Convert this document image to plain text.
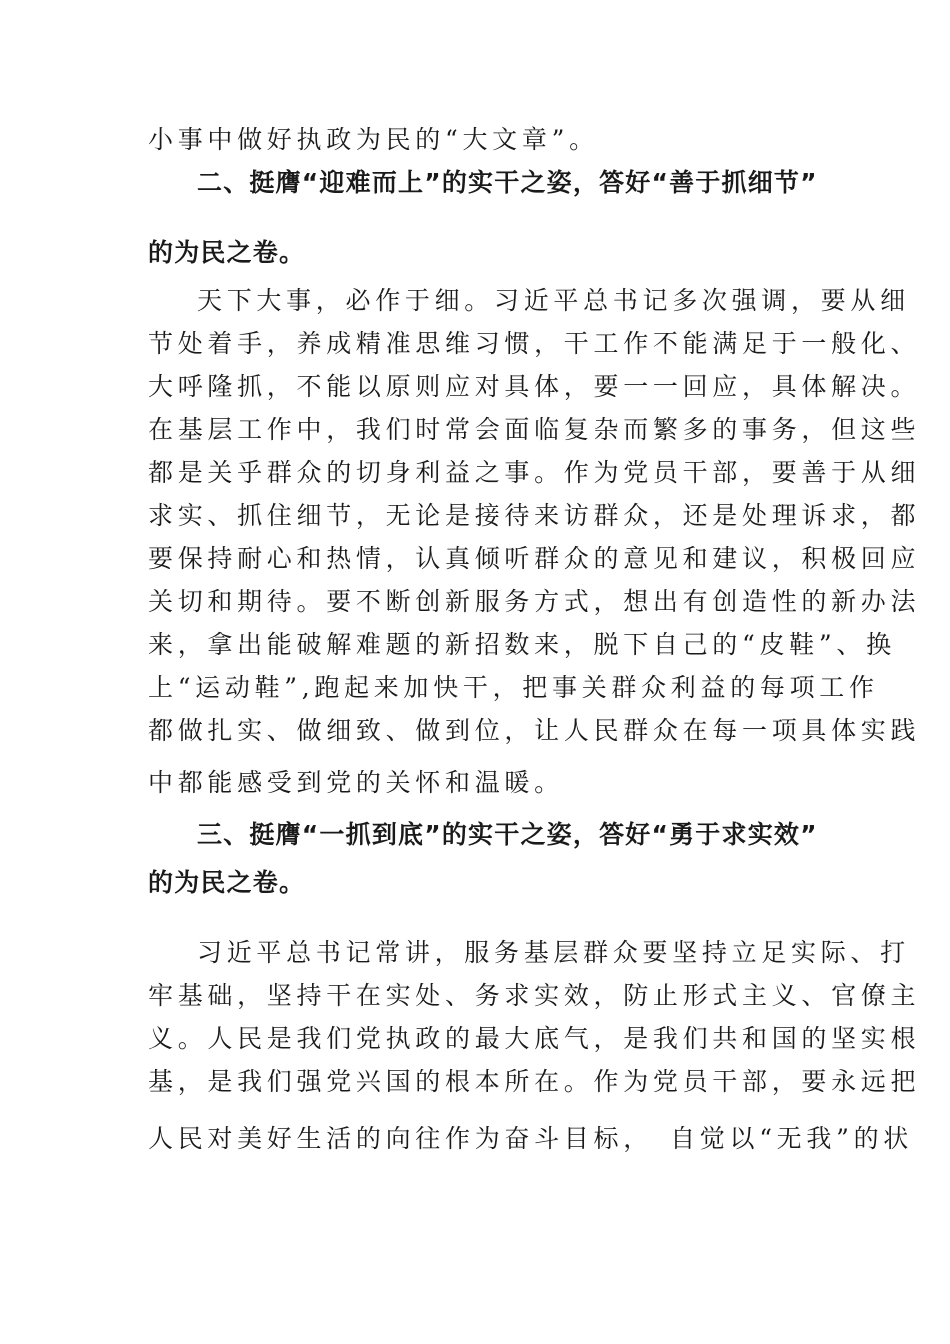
小事中做好执政为民的“大文章”。

二、挺膺“迎难而上”的实干之姿，答好“善于抓细节”

的为民之卷。

天下大事，必作于细。习近平总书记多次强调，要从细

节处着手，养成精准思维习惯，干工作不能满足于一般化、

大呼隆抓，不能以原则应对具体，要一一回应，具体解决。

在基层工作中，我们时常会面临复杂而繁多的事务，但这些

都是关乎群众的切身利益之事。作为党员干部，要善于从细

求实、抓住细节，无论是接待来访群众，还是处理诉求，都

要保持耐心和热情，认真倾听群众的意见和建议，积极回应

关切和期待。要不断创新服务方式，想出有创造性的新办法

来，拿出能破解难题的新招数来，脱下自己的“皮鞋”、换

上“运动鞋”,跑起来加快干，把事关群众利益的每项工作

都做扎实、做细致、做到位，让人民群众在每一项具体实践

中都能感受到党的关怀和温暖。

三、挺膺“一抓到底”的实干之姿，答好“勇于求实效”

的为民之卷。

习近平总书记常讲，服务基层群众要坚持立足实际、打

牢基础，坚持干在实处、务求实效，防止形式主义、官僚主

义。人民是我们党执政的最大底气，是我们共和国的坚实根

基，是我们强党兴国的根本所在。作为党员干部，要永远把

人民对美好生活的向往作为奋斗目标，　自觉以“无我”的状
